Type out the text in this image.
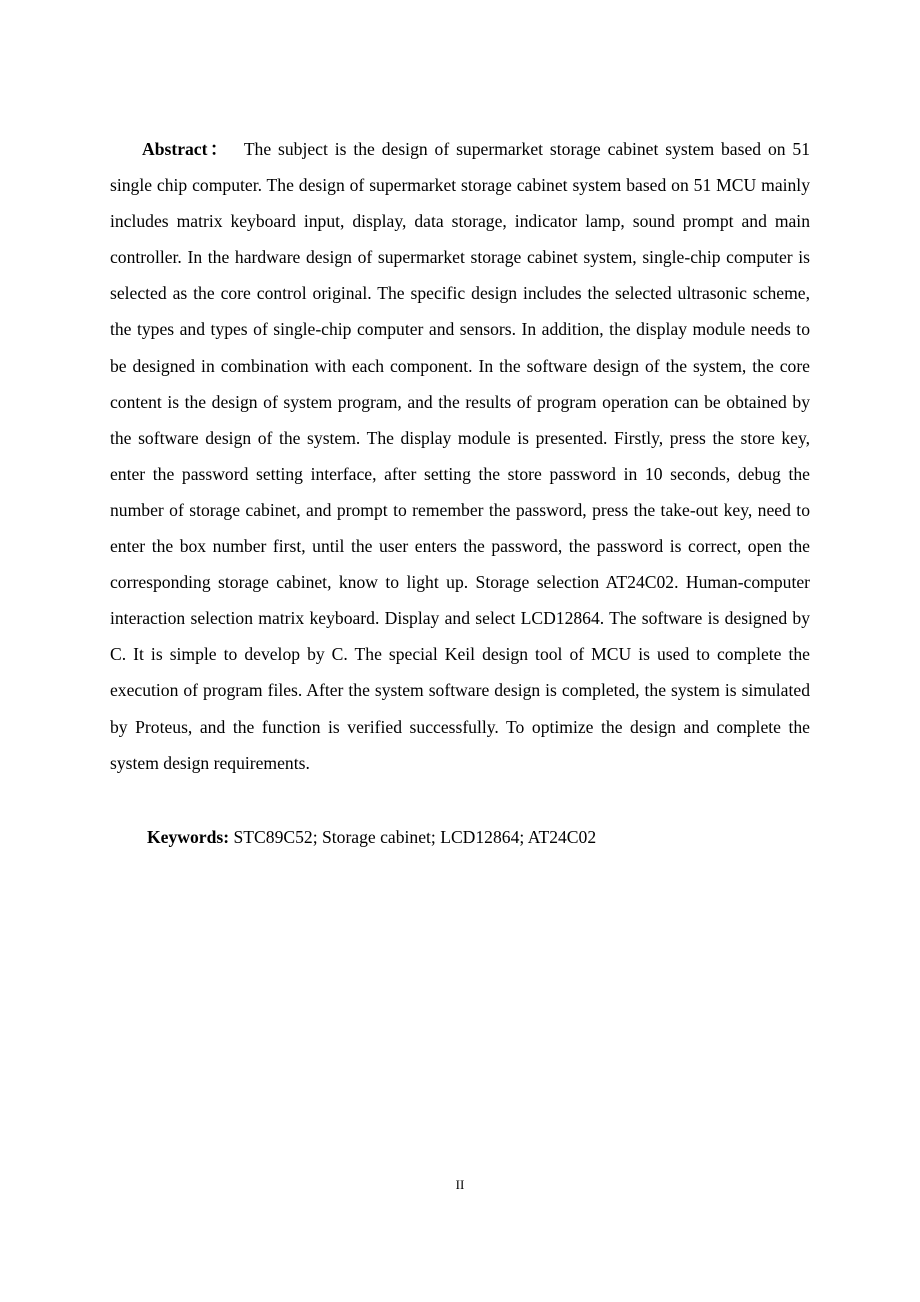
Abstract： The subject is the design of supermarket storage cabinet system based on 51 single chip computer. The design of supermarket storage cabinet system based on 51 MCU mainly includes matrix keyboard input, display, data storage, indicator lamp, sound prompt and main controller. In the hardware design of supermarket storage cabinet system, single-chip computer is selected as the core control original. The specific design includes the selected ultrasonic scheme, the types and types of single-chip computer and sensors. In addition, the display module needs to be designed in combination with each component. In the software design of the system, the core content is the design of system program, and the results of program operation can be obtained by the software design of the system. The display module is presented. Firstly, press the store key, enter the password setting interface, after setting the store password in 10 seconds, debug the number of storage cabinet, and prompt to remember the password, press the take-out key, need to enter the box number first, until the user enters the password, the password is correct, open the corresponding storage cabinet, know to light up. Storage selection AT24C02. Human-computer interaction selection matrix keyboard. Display and select LCD12864. The software is designed by C. It is simple to develop by C. The special Keil design tool of MCU is used to complete the execution of program files. After the system software design is completed, the system is simulated by Proteus, and the function is verified successfully. To optimize the design and complete the system design requirements.

Keywords: STC89C52; Storage cabinet; LCD12864; AT24C02

II
